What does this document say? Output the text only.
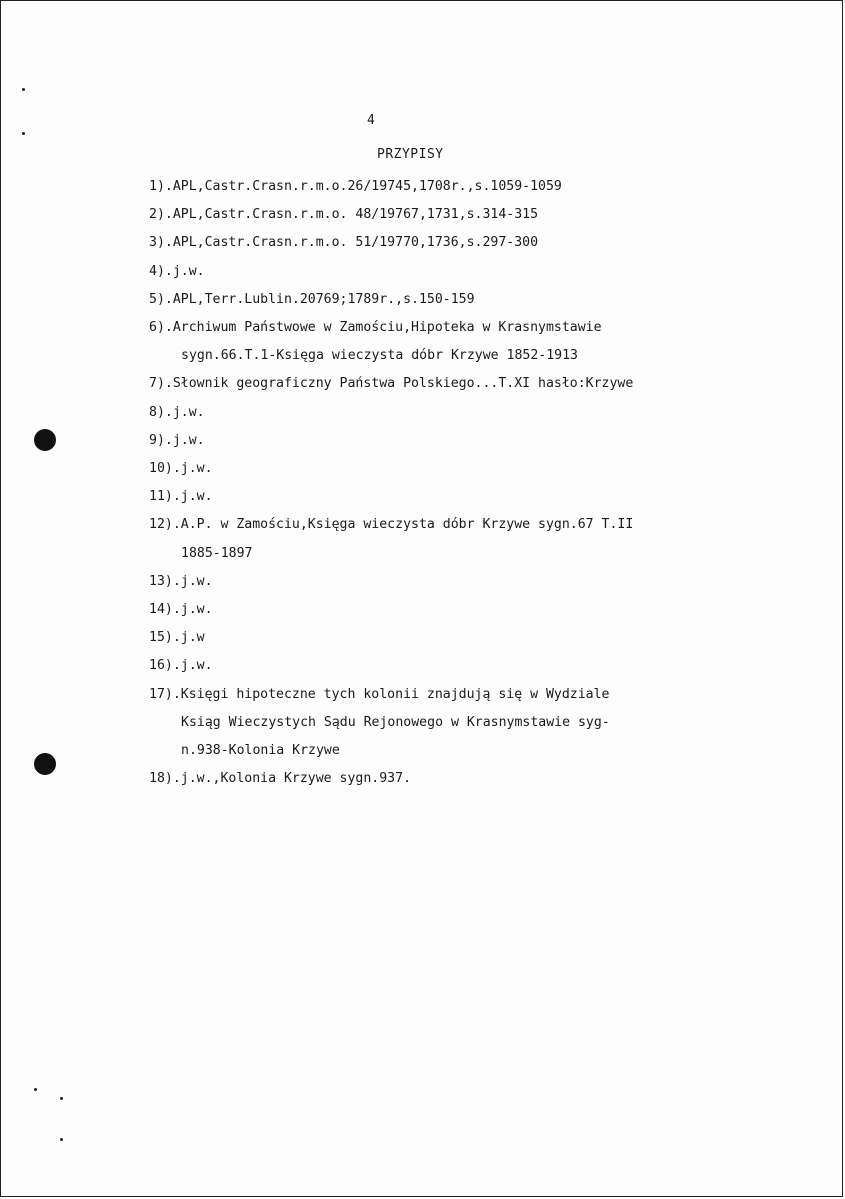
4
PRZYPISY
1).APL,Castr.Crasn.r.m.o.26/19745,1708r.,s.1059-1059
2).APL,Castr.Crasn.r.m.o. 48/19767,1731,s.314-315
3).APL,Castr.Crasn.r.m.o. 51/19770,1736,s.297-300
4).j.w.
5).APL,Terr.Lublin.20769;1789r.,s.150-159
6).Archiwum Państwowe w Zamościu,Hipoteka w Krasnymstawie
sygn.66.T.1-Księga wieczysta dóbr Krzywe 1852-1913
7).Słownik geograficzny Państwa Polskiego...T.XI hasło:Krzywe
8).j.w.
9).j.w.
10).j.w.
11).j.w.
12).A.P. w Zamościu,Księga wieczysta dóbr Krzywe sygn.67 T.II
1885-1897
13).j.w.
14).j.w.
15).j.w
16).j.w.
17).Księgi hipoteczne tych kolonii znajdują się w Wydziale
Ksiąg Wieczystych Sądu Rejonowego w Krasnymstawie syg-
n.938-Kolonia Krzywe
18).j.w.,Kolonia Krzywe sygn.937.
